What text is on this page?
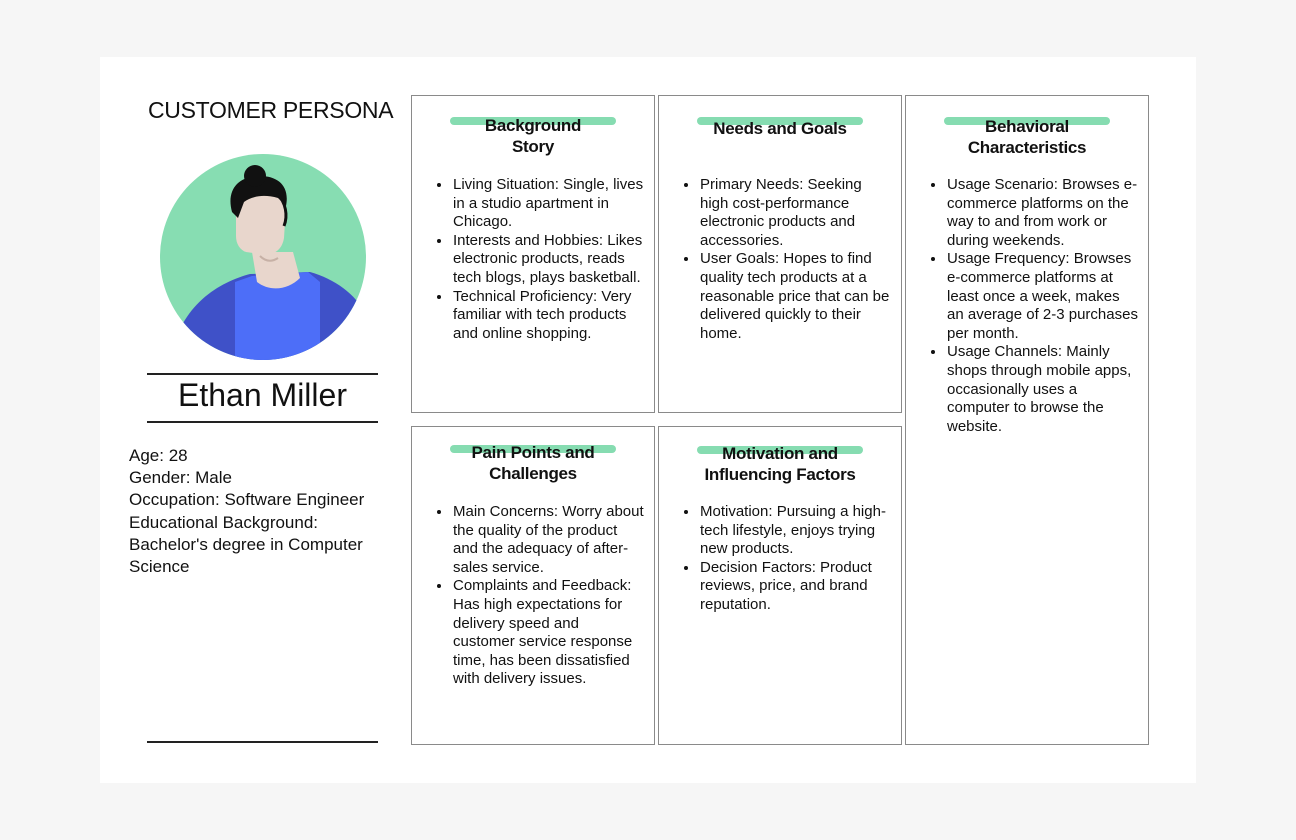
CUSTOMER PERSONA
Ethan Miller
Age: 28
Gender: Male
Occupation: Software Engineer
Educational Background:
Bachelor's degree in Computer
Science
Background
Story
• Living Situation: Single, lives in a studio apartment in Chicago.
• Interests and Hobbies: Likes electronic products, reads tech blogs, plays basketball.
• Technical Proficiency: Very familiar with tech products and online shopping.
Needs and Goals
• Primary Needs: Seeking high cost-performance electronic products and accessories.
• User Goals: Hopes to find quality tech products at a reasonable price that can be delivered quickly to their home.
Behavioral
Characteristics
• Usage Scenario: Browses e-commerce platforms on the way to and from work or during weekends.
• Usage Frequency: Browses e-commerce platforms at least once a week, makes an average of 2-3 purchases per month.
• Usage Channels: Mainly shops through mobile apps, occasionally uses a computer to browse the website.
Pain Points and
Challenges
• Main Concerns: Worry about the quality of the product and the adequacy of after-sales service.
• Complaints and Feedback: Has high expectations for delivery speed and customer service response time, has been dissatisfied with delivery issues.
Motivation and
Influencing Factors
• Motivation: Pursuing a high-tech lifestyle, enjoys trying new products.
• Decision Factors: Product reviews, price, and brand reputation.
